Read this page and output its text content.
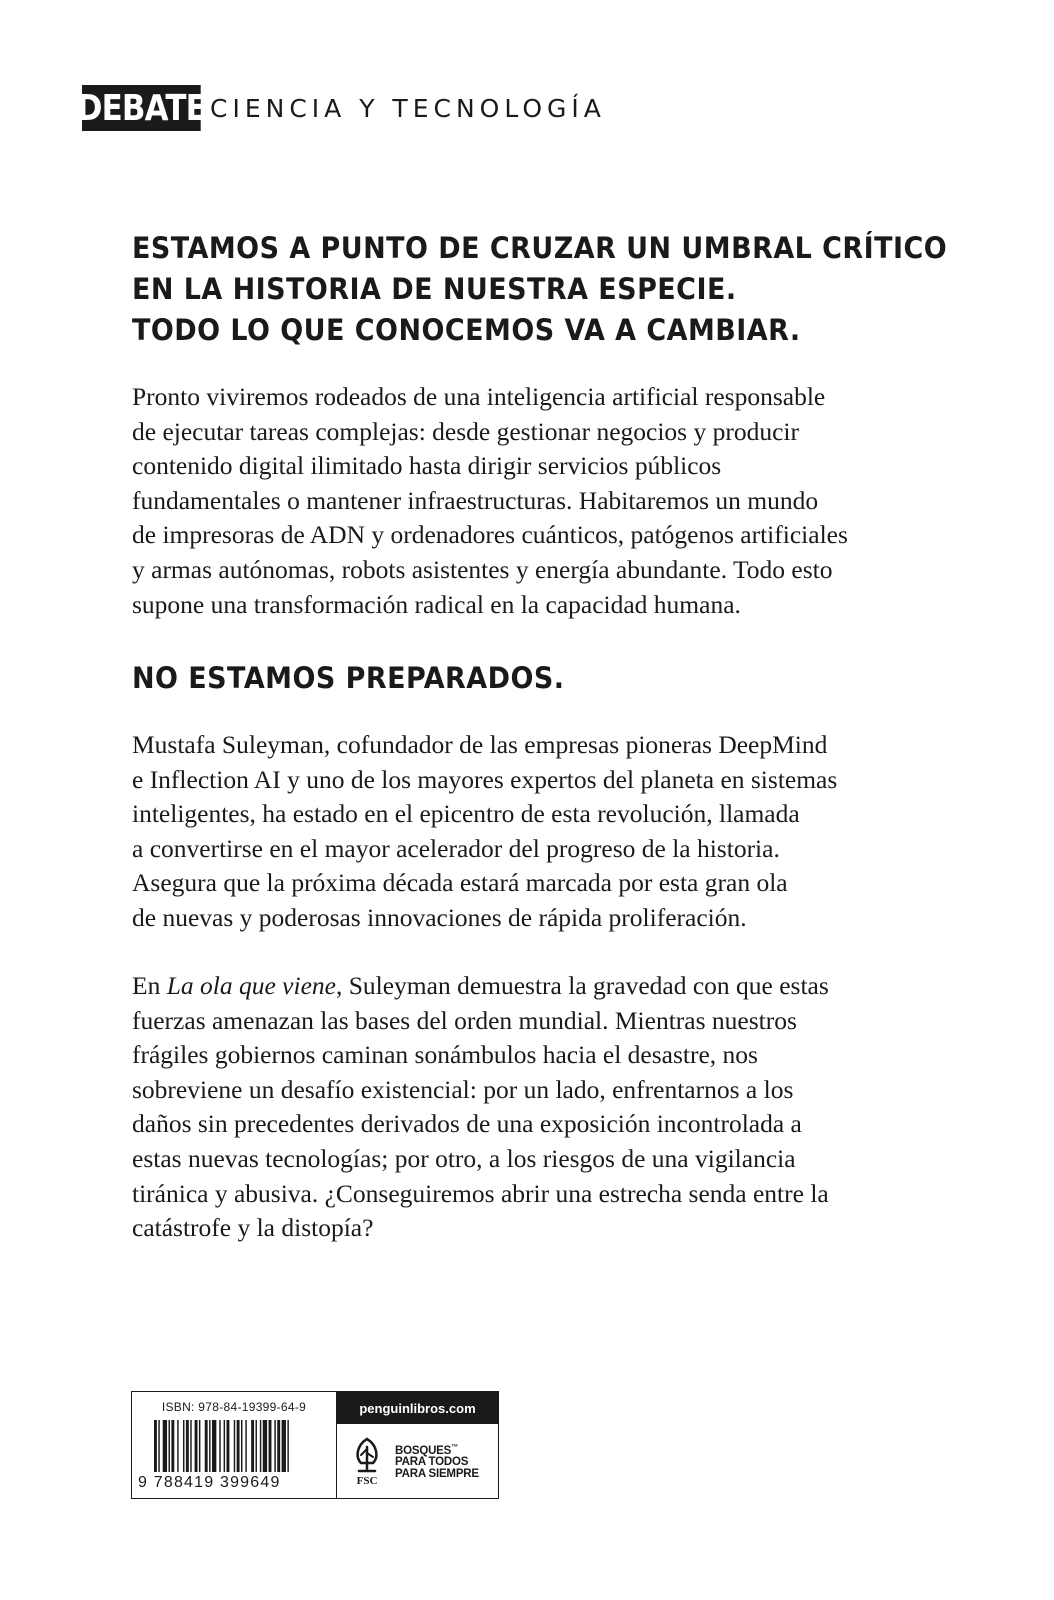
DEBATE CIENCIA Y TECNOLOGÍA
ESTAMOS A PUNTO DE CRUZAR UN UMBRAL CRÍTICO
EN LA HISTORIA DE NUESTRA ESPECIE.
TODO LO QUE CONOCEMOS VA A CAMBIAR.
Pronto viviremos rodeados de una inteligencia artificial responsable
de ejecutar tareas complejas: desde gestionar negocios y producir
contenido digital ilimitado hasta dirigir servicios públicos
fundamentales o mantener infraestructuras. Habitaremos un mundo
de impresoras de ADN y ordenadores cuánticos, patógenos artificiales
y armas autónomas, robots asistentes y energía abundante. Todo esto
supone una transformación radical en la capacidad humana.
NO ESTAMOS PREPARADOS.
Mustafa Suleyman, cofundador de las empresas pioneras DeepMind
e Inflection AI y uno de los mayores expertos del planeta en sistemas
inteligentes, ha estado en el epicentro de esta revolución, llamada
a convertirse en el mayor acelerador del progreso de la historia.
Asegura que la próxima década estará marcada por esta gran ola
de nuevas y poderosas innovaciones de rápida proliferación.
En La ola que viene, Suleyman demuestra la gravedad con que estas
fuerzas amenazan las bases del orden mundial. Mientras nuestros
frágiles gobiernos caminan sonámbulos hacia el desastre, nos
sobreviene un desafío existencial: por un lado, enfrentarnos a los
daños sin precedentes derivados de una exposición incontrolada a
estas nuevas tecnologías; por otro, a los riesgos de una vigilancia
tiránica y abusiva. ¿Conseguiremos abrir una estrecha senda entre la
catástrofe y la distopía?
ISBN: 978-84-19399-64-9
9 788419 399649
penguinlibros.com
FSC
BOSQUES™
PARA TODOS
PARA SIEMPRE
